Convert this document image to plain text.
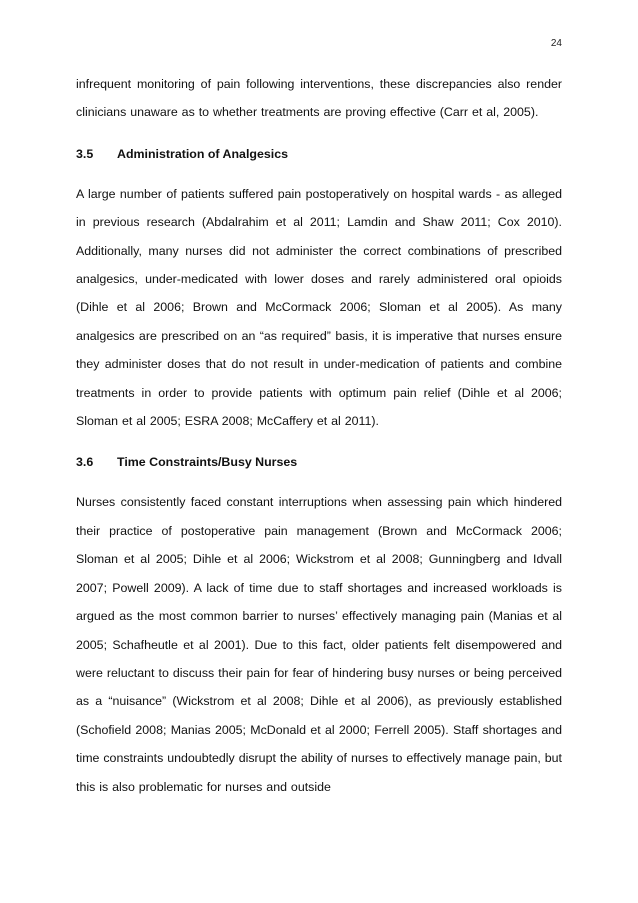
24

infrequent monitoring of pain following interventions, these discrepancies also render clinicians unaware as to whether treatments are proving effective (Carr et al, 2005).

3.5	Administration of Analgesics

A large number of patients suffered pain postoperatively on hospital wards - as alleged in previous research (Abdalrahim et al 2011; Lamdin and Shaw 2011; Cox 2010). Additionally, many nurses did not administer the correct combinations of prescribed analgesics, under-medicated with lower doses and rarely administered oral opioids (Dihle et al 2006; Brown and McCormack 2006; Sloman et al 2005). As many analgesics are prescribed on an “as required” basis, it is imperative that nurses ensure they administer doses that do not result in under-medication of patients and combine treatments in order to provide patients with optimum pain relief (Dihle et al 2006; Sloman et al 2005; ESRA 2008; McCaffery et al 2011).

3.6	Time Constraints/Busy Nurses

Nurses consistently faced constant interruptions when assessing pain which hindered their practice of postoperative pain management (Brown and McCormack 2006; Sloman et al 2005; Dihle et al 2006; Wickstrom et al 2008; Gunningberg and Idvall 2007; Powell 2009). A lack of time due to staff shortages and increased workloads is argued as the most common barrier to nurses’ effectively managing pain (Manias et al 2005; Schafheutle et al 2001). Due to this fact, older patients felt disempowered and were reluctant to discuss their pain for fear of hindering busy nurses or being perceived as a “nuisance” (Wickstrom et al 2008; Dihle et al 2006), as previously established (Schofield 2008; Manias 2005; McDonald et al 2000; Ferrell 2005). Staff shortages and time constraints undoubtedly disrupt the ability of nurses to effectively manage pain, but this is also problematic for nurses and outside
